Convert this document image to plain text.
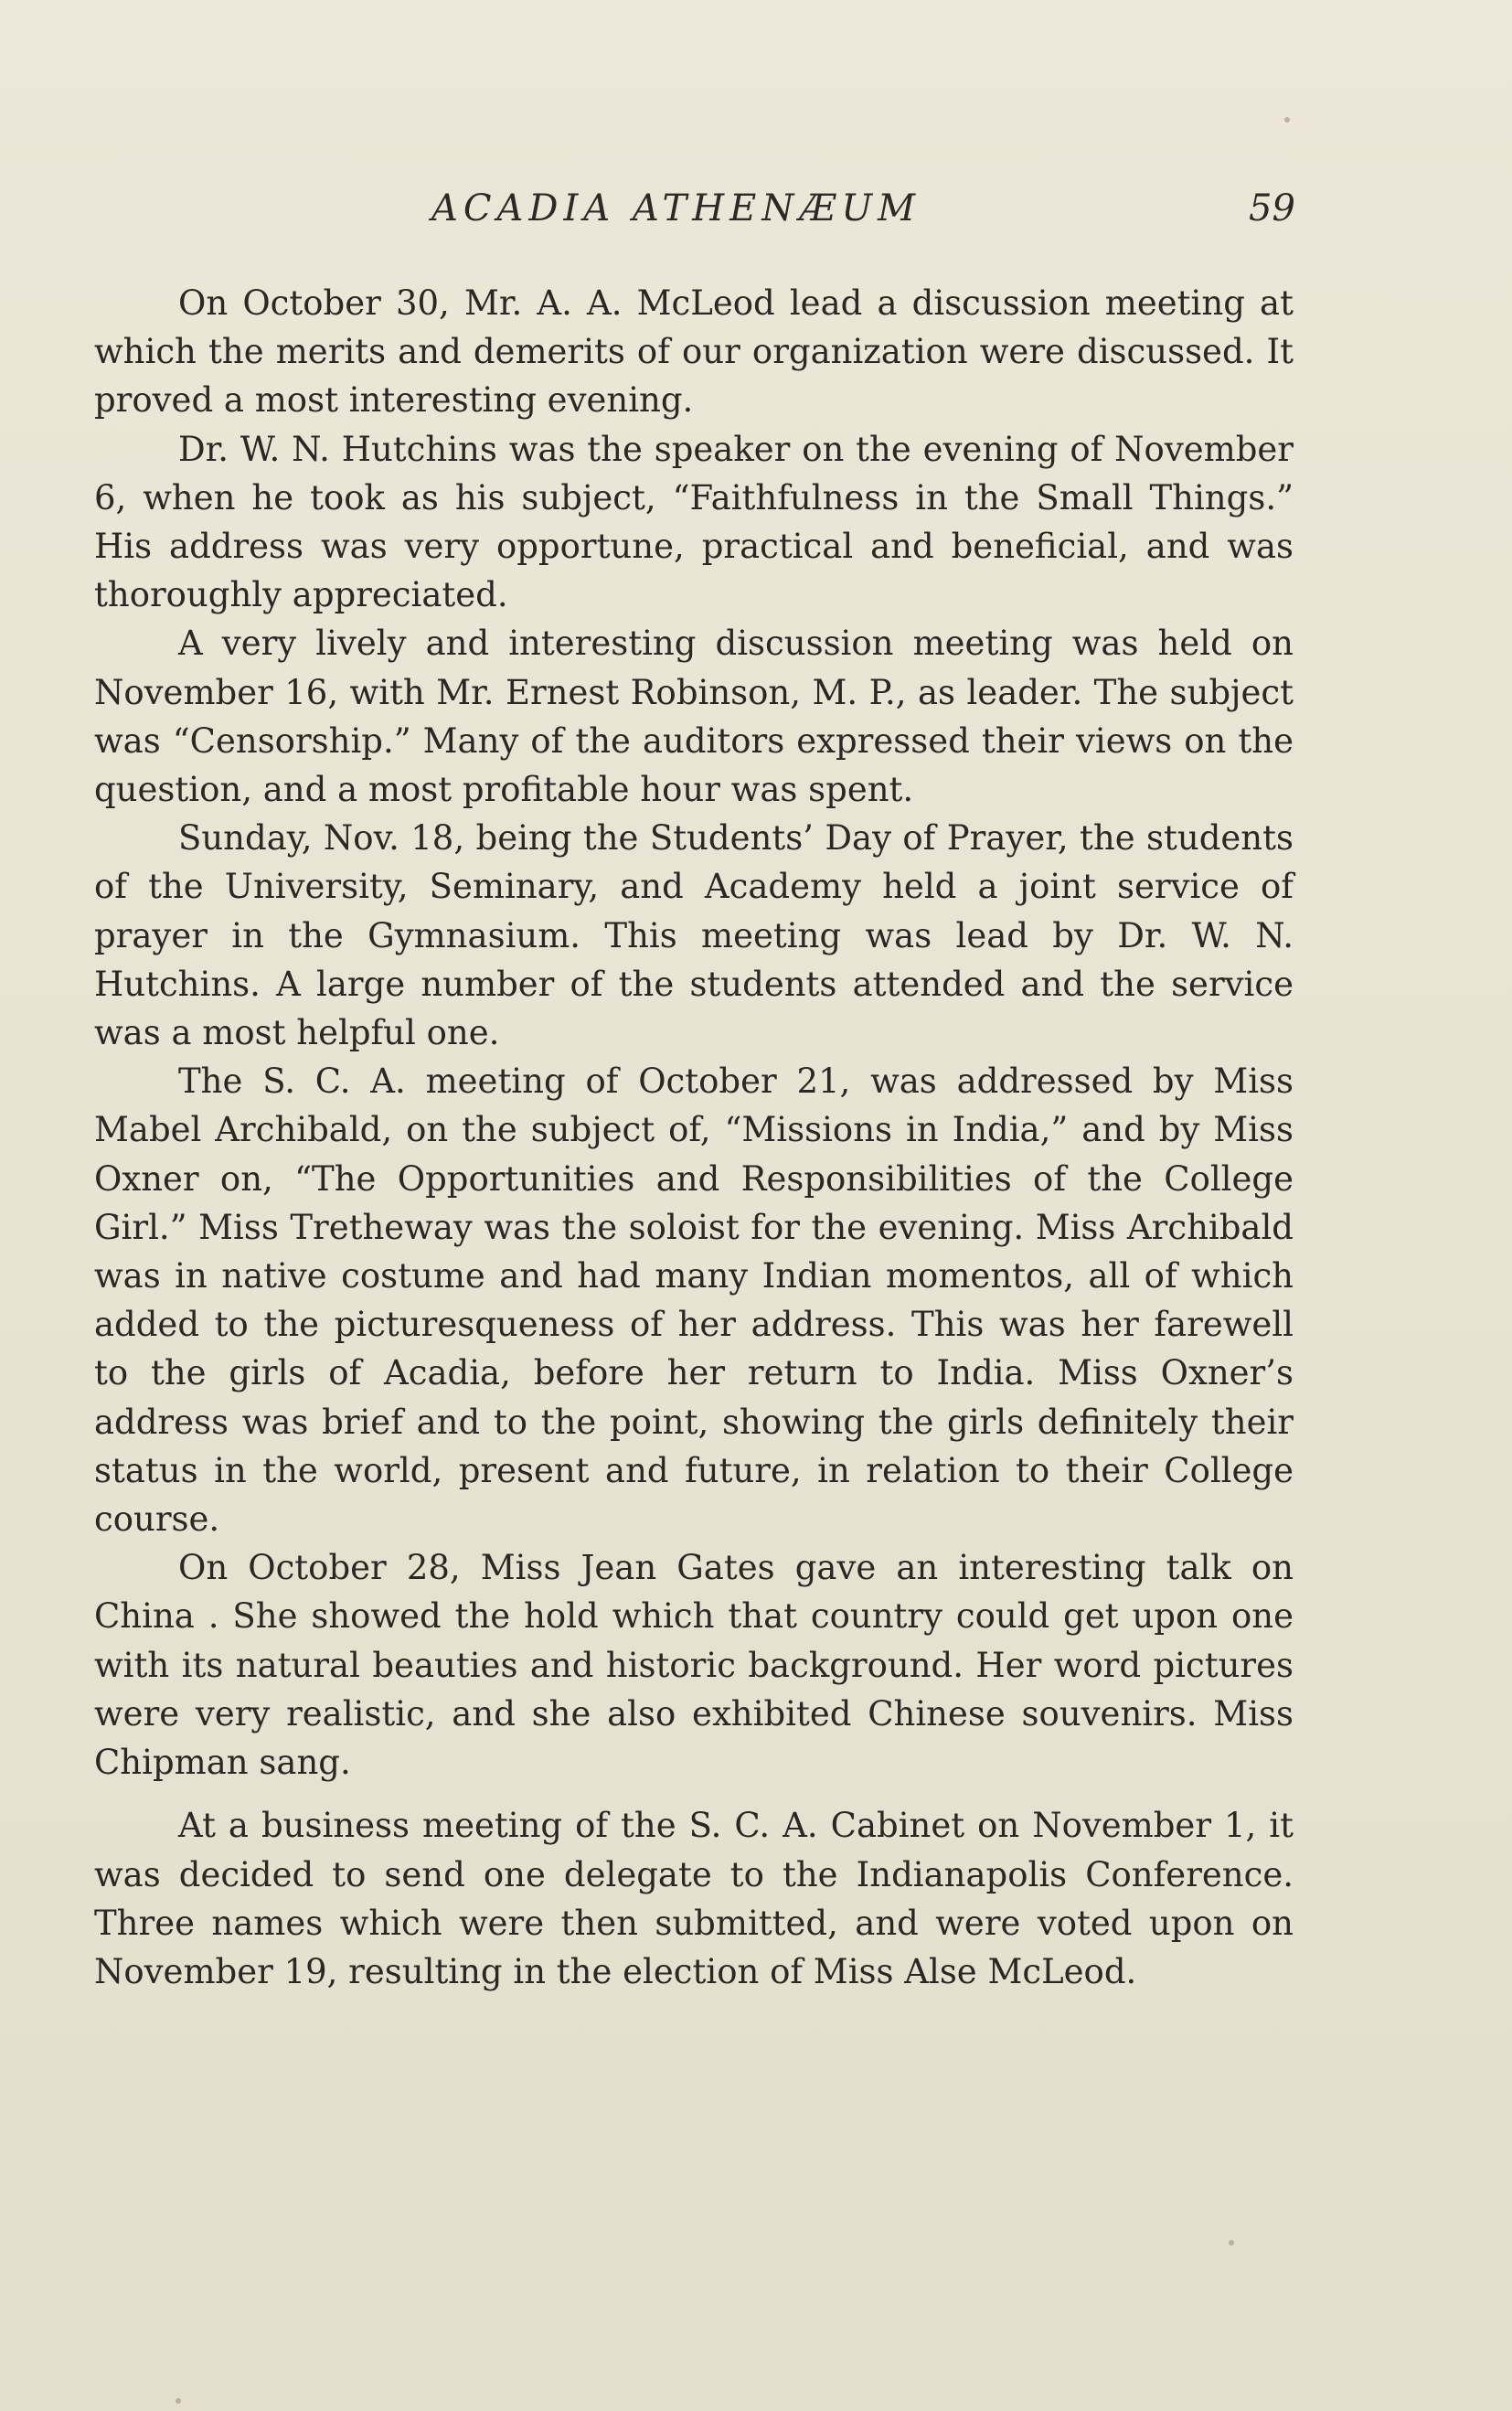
ACADIA ATHENÆUM	59

On October 30, Mr. A. A. McLeod lead a discussion meeting at which the merits and demerits of our organization were discussed. It proved a most interesting evening.

Dr. W. N. Hutchins was the speaker on the evening of November 6, when he took as his subject, “Faithfulness in the Small Things.” His address was very opportune, practical and beneficial, and was thoroughly appreciated.

A very lively and interesting discussion meeting was held on November 16, with Mr. Ernest Robinson, M. P., as leader. The subject was “Censorship.” Many of the auditors expressed their views on the question, and a most profitable hour was spent.

Sunday, Nov. 18, being the Students’ Day of Prayer, the students of the University, Seminary, and Academy held a joint service of prayer in the Gymnasium. This meeting was lead by Dr. W. N. Hutchins. A large number of the students attended and the service was a most helpful one.

The S. C. A. meeting of October 21, was addressed by Miss Mabel Archibald, on the subject of, “Missions in India,” and by Miss Oxner on, “The Opportunities and Responsibilities of the College Girl.” Miss Tretheway was the soloist for the evening. Miss Archibald was in native costume and had many Indian momentos, all of which added to the picturesqueness of her address. This was her farewell to the girls of Acadia, before her return to India. Miss Oxner’s address was brief and to the point, showing the girls definitely their status in the world, present and future, in relation to their College course.

On October 28, Miss Jean Gates gave an interesting talk on China . She showed the hold which that country could get upon one with its natural beauties and historic background. Her word pictures were very realistic, and she also exhibited Chinese souvenirs. Miss Chipman sang.

At a business meeting of the S. C. A. Cabinet on November 1, it was decided to send one delegate to the Indianapolis Conference. Three names which were then submitted, and were voted upon on November 19, resulting in the election of Miss Alse McLeod.
